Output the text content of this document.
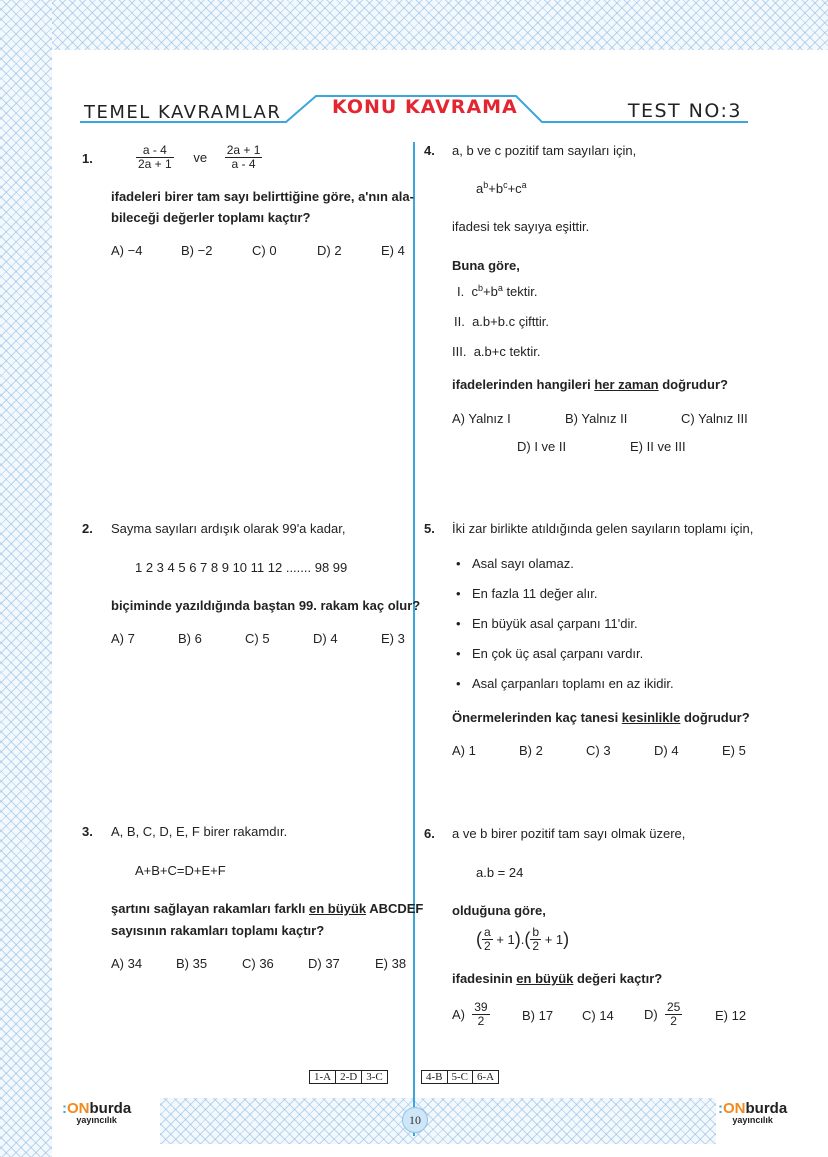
TEMEL KAVRAMLAR	KONU KAVRAMA	TEST NO:3
1.	$\frac{a - 4}{2a + 1}$ ve $\frac{2a + 1}{a - 4}$
ifadeleri birer tam sayı belirttiğine göre, a'nın ala-
bileceği değerler toplamı kaçtır?
A) −4	B) −2	C) 0	D) 2	E) 4
2. Sayma sayıları ardışık olarak 99'a kadar,
1 2 3 4 5 6 7 8 9 10 11 12 ....... 98 99
biçiminde yazıldığında baştan 99. rakam kaç olur?
A) 7	B) 6	C) 5	D) 4	E) 3
3. A, B, C, D, E, F birer rakamdır.
A+B+C=D+E+F
şartını sağlayan rakamları farklı en büyük ABCDEF
sayısının rakamları toplamı kaçtır?
A) 34	B) 35	C) 36	D) 37	E) 38
4. a, b ve c pozitif tam sayıları için,
$a^b+b^c+c^a$
ifadesi tek sayıya eşittir.
Buna göre,
I. $c^b+b^a$ tektir.
II. a.b+b.c çifttir.
III. a.b+c tektir.
ifadelerinden hangileri her zaman doğrudur?
A) Yalnız I	B) Yalnız II	C) Yalnız III
D) I ve II	E) II ve III
5. İki zar birlikte atıldığında gelen sayıların toplamı için,
• Asal sayı olamaz.
• En fazla 11 değer alır.
• En büyük asal çarpanı 11'dir.
• En çok üç asal çarpanı vardır.
• Asal çarpanları toplamı en az ikidir.
Önermelerinden kaç tanesi kesinlikle doğrudur?
A) 1	B) 2	C) 3	D) 4	E) 5
6. a ve b birer pozitif tam sayı olmak üzere,
a.b = 24
olduğuna göre,
( $\frac{a}{2} + 1).( \frac{b}{2} + 1)$
ifadesinin en büyük değeri kaçtır?
$A) \frac{39}{2} B$) 17 C) 14 $D) \frac{25}{2}$	E) 12
1-A 2-D 3-C	4-B 5-C 6-A
:ONburda
yayıncılık
:ONburda
yayıncılık
10
